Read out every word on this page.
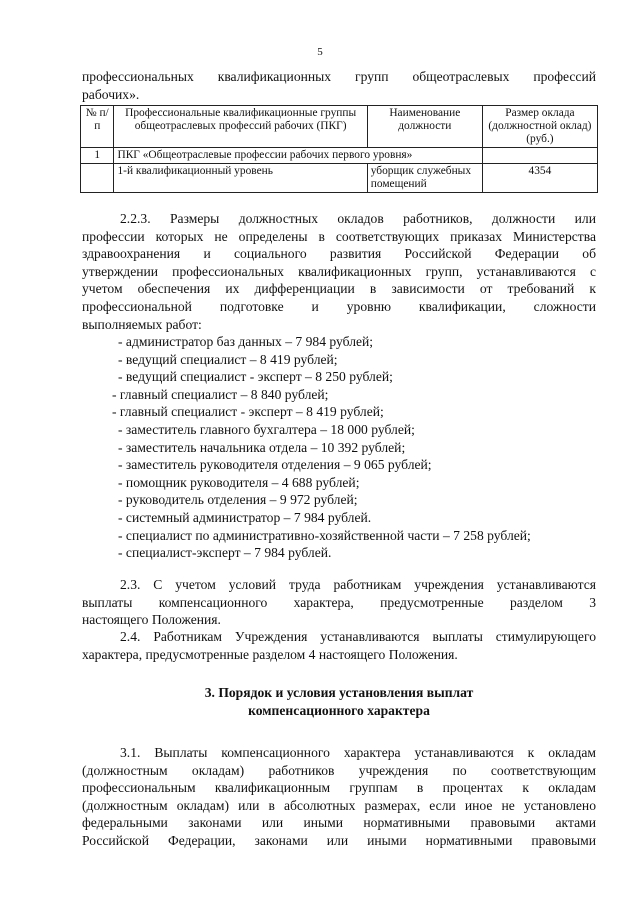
5
профессиональных квалификационных групп общеотраслевых профессий
рабочих».
№ п/п	Профессиональные квалификационные группы общеотраслевых профессий рабочих (ПКГ)	Наименование должности	Размер оклада (должностной оклад) (руб.)
1	ПКГ «Общеотраслевые профессии рабочих первого уровня»		
	1-й квалификационный уровень	уборщик служебных помещений	4354
2.2.3. Размеры должностных окладов работников, должности или
профессии которых не определены в соответствующих приказах Министерства
здравоохранения и социального развития Российской Федерации об
утверждении профессиональных квалификационных групп, устанавливаются с
учетом обеспечения их дифференциации в зависимости от требований к
профессиональной подготовке и уровню квалификации, сложности
выполняемых работ:
- администратор баз данных – 7 984 рублей;
- ведущий специалист – 8 419 рублей;
- ведущий специалист - эксперт – 8 250 рублей;
- главный специалист – 8 840 рублей;
- главный специалист - эксперт – 8 419 рублей;
- заместитель главного бухгалтера – 18 000 рублей;
- заместитель начальника отдела – 10 392 рублей;
- заместитель руководителя отделения – 9 065 рублей;
- помощник руководителя – 4 688 рублей;
- руководитель отделения – 9 972 рублей;
- системный администратор – 7 984 рублей.
- специалист по административно-хозяйственной части – 7 258 рублей;
- специалист-эксперт – 7 984 рублей.
2.3. С учетом условий труда работникам учреждения устанавливаются
выплаты компенсационного характера, предусмотренные разделом 3
настоящего Положения.
2.4. Работникам Учреждения устанавливаются выплаты стимулирующего
характера, предусмотренные разделом 4 настоящего Положения.
3. Порядок и условия установления выплат
компенсационного характера
3.1. Выплаты компенсационного характера устанавливаются к окладам
(должностным окладам) работников учреждения по соответствующим
профессиональным квалификационным группам в процентах к окладам
(должностным окладам) или в абсолютных размерах, если иное не установлено
федеральными законами или иными нормативными правовыми актами
Российской Федерации, законами или иными нормативными правовыми
